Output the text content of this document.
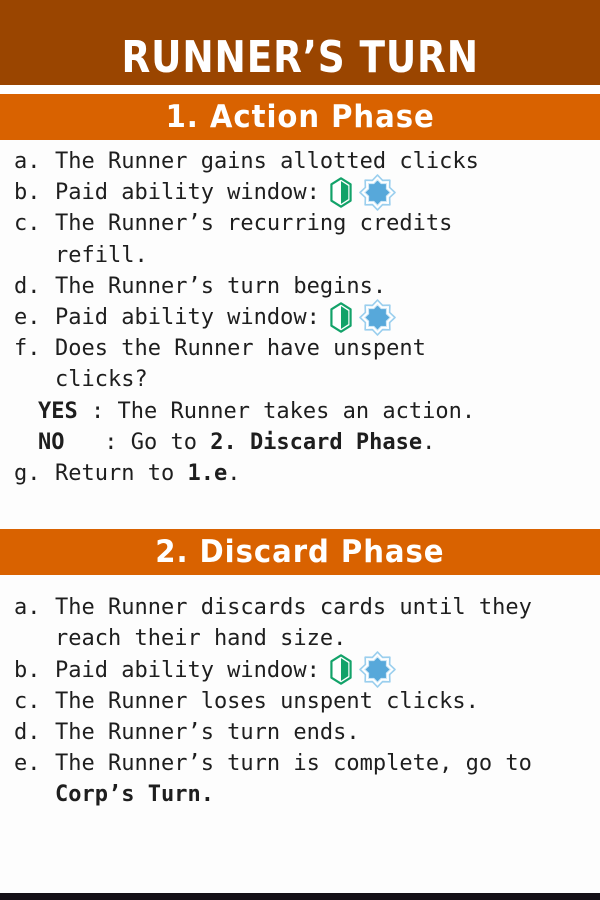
RUNNER’S TURN
1. Action Phase
a. The Runner gains allotted clicks
b. Paid ability window:
c. The Runner’s recurring credits
refill.
d. The Runner’s turn begins.
e. Paid ability window:
f. Does the Runner have unspent
clicks?
YES : The Runner takes an action.
NO   : Go to 2. Discard Phase.
g. Return to 1.e.
2. Discard Phase
a. The Runner discards cards until they
reach their hand size.
b. Paid ability window:
c. The Runner loses unspent clicks.
d. The Runner’s turn ends.
e. The Runner’s turn is complete, go to
Corp’s Turn.
